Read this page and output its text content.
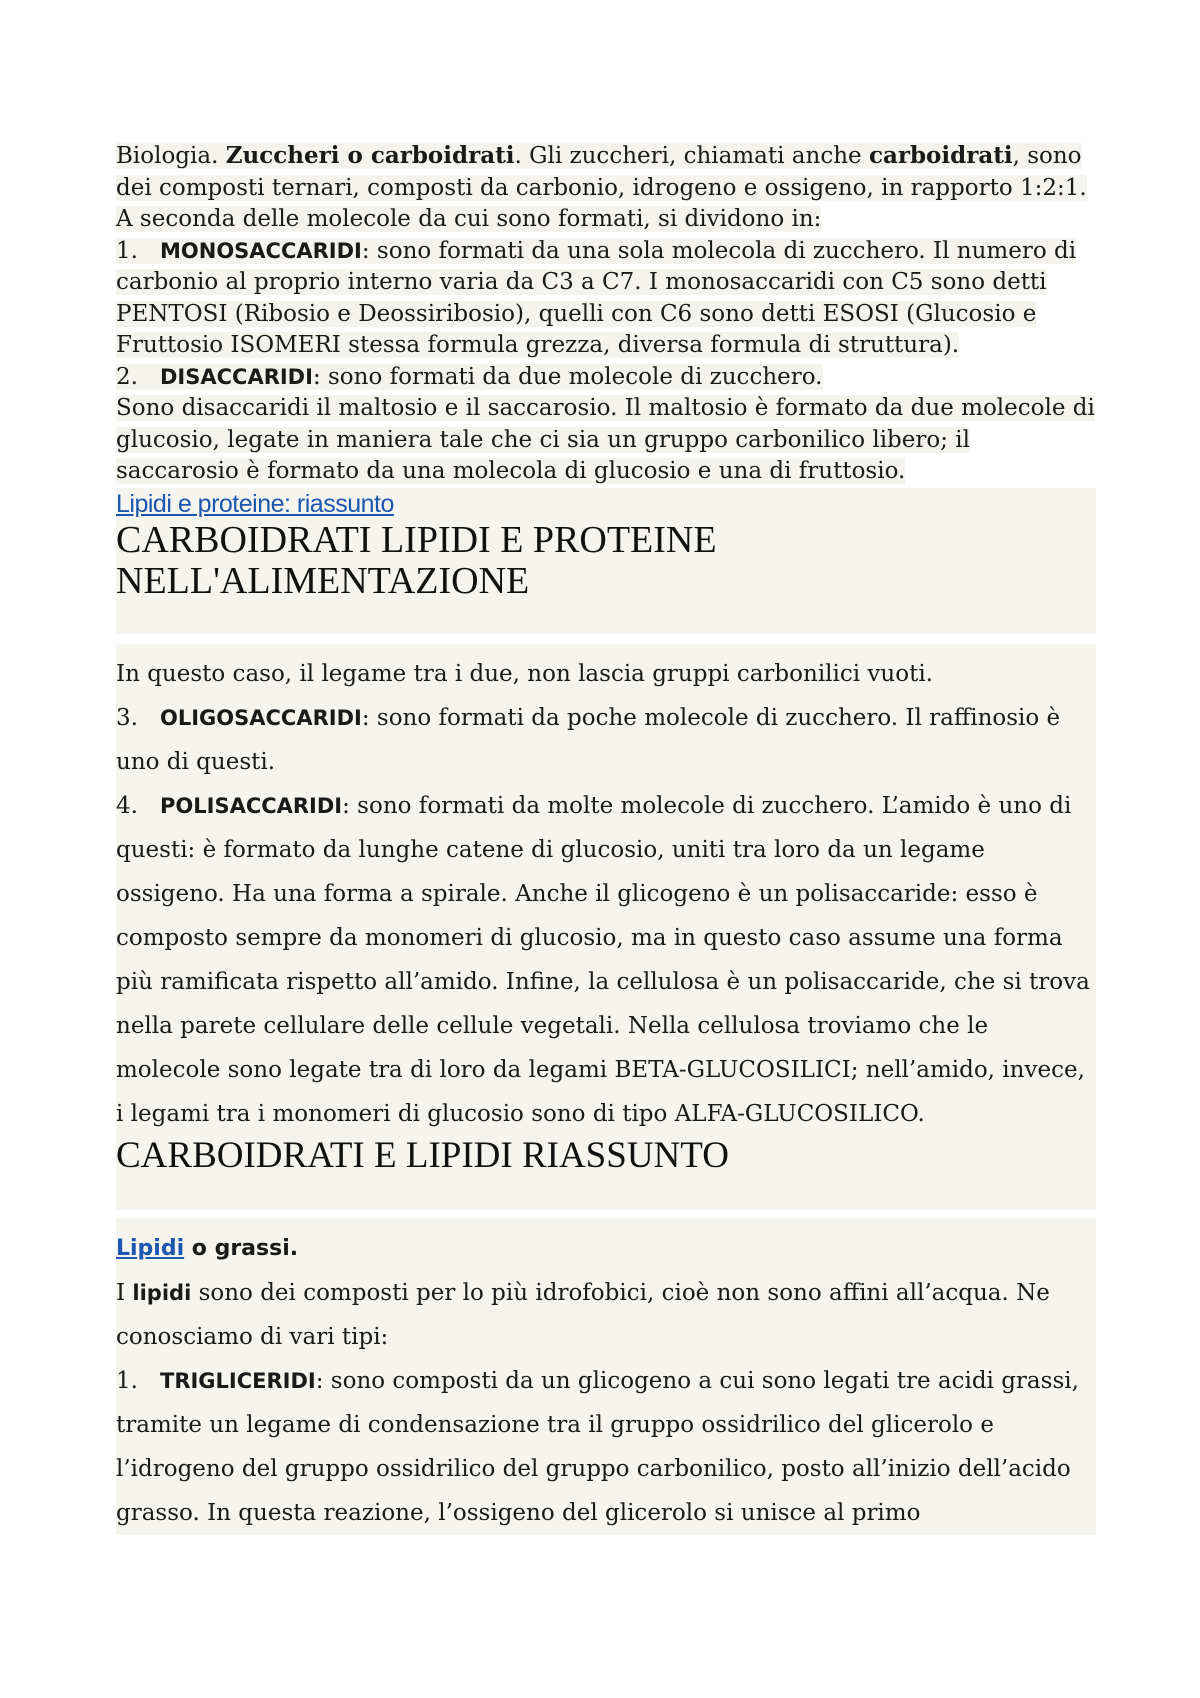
Biologia. Zuccheri o carboidrati. Gli zuccheri, chiamati anche carboidrati, sono dei composti ternari, composti da carbonio, idrogeno e ossigeno, in rapporto 1:2:1.

A seconda delle molecole da cui sono formati, si dividono in:

1. MONOSACCARIDI: sono formati da una sola molecola di zucchero. Il numero di carbonio al proprio interno varia da C3 a C7. I monosaccaridi con C5 sono detti PENTOSI (Ribosio e Deossiribosio), quelli con C6 sono detti ESOSI (Glucosio e Fruttosio ISOMERI stessa formula grezza, diversa formula di struttura).

2. DISACCARIDI: sono formati da due molecole di zucchero.

Sono disaccaridi il maltosio e il saccarosio. Il maltosio è formato da due molecole di glucosio, legate in maniera tale che ci sia un gruppo carbonilico libero; il saccarosio è formato da una molecola di glucosio e una di fruttosio.

Lipidi e proteine: riassunto
CARBOIDRATI LIPIDI E PROTEINE NELL'ALIMENTAZIONE

In questo caso, il legame tra i due, non lascia gruppi carbonilici vuoti.

3. OLIGOSACCARIDI: sono formati da poche molecole di zucchero. Il raffinosio è uno di questi.

4. POLISACCARIDI: sono formati da molte molecole di zucchero. L’amido è uno di questi: è formato da lunghe catene di glucosio, uniti tra loro da un legame ossigeno. Ha una forma a spirale. Anche il glicogeno è un polisaccaride: esso è composto sempre da monomeri di glucosio, ma in questo caso assume una forma più ramificata rispetto all’amido. Infine, la cellulosa è un polisaccaride, che si trova nella parete cellulare delle cellule vegetali. Nella cellulosa troviamo che le molecole sono legate tra di loro da legami BETA-GLUCOSILICI; nell’amido, invece, i legami tra i monomeri di glucosio sono di tipo ALFA-GLUCOSILICO.

CARBOIDRATI E LIPIDI RIASSUNTO

Lipidi o grassi.

I lipidi sono dei composti per lo più idrofobici, cioè non sono affini all’acqua. Ne conosciamo di vari tipi:

1. TRIGLICERIDI: sono composti da un glicogeno a cui sono legati tre acidi grassi, tramite un legame di condensazione tra il gruppo ossidrilico del glicerolo e l’idrogeno del gruppo ossidrilico del gruppo carbonilico, posto all’inizio dell’acido grasso. In questa reazione, l’ossigeno del glicerolo si unisce al primo
